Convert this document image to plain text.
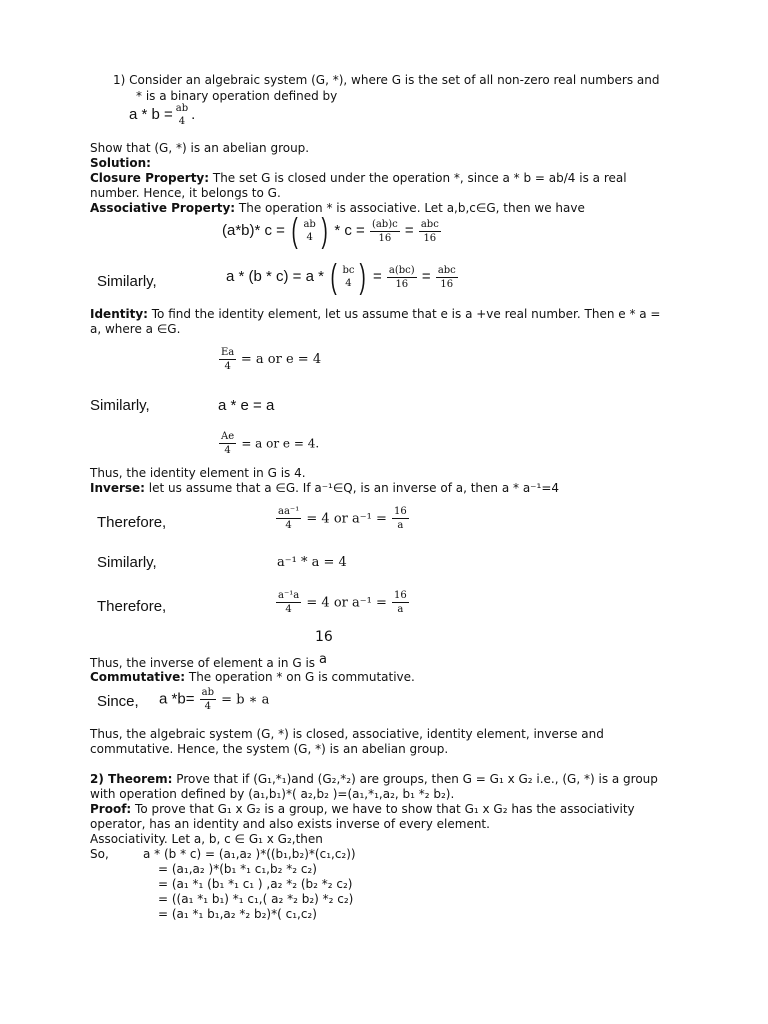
1) Consider an algebraic system (G, *), where G is the set of all non-zero real numbers and
* is a binary operation defined by
a * b = ab
4 .
Show that (G, *) is an abelian group.
Solution:
Closure Property: The set G is closed under the operation *, since a * b = ab/4 is a real
number. Hence, it belongs to G.
Associative Property: The operation * is associative. Let a,b,c∈G, then we have
(a*b)* c = ( ab
4 ) * $c = \frac{(ab)c}{16} = \frac{\text{abc}}{16}$
Similarly,	a * (b * c) = a * ( bc
4 ) = $\frac{a(bc)}{16} = \frac{\text{abc}}{16}$
Identity: To find the identity element, let us assume that e is a +ve real number. Then e * a =
a, where a ∈G.
$\frac{Ea}{4} = a$ or e = 4
Similarly,	a * e = a
$\frac{Ae}{4} = a$ or e = 4.
Thus, the identity element in G is 4.
Inverse: let us assume that a ∈G. If a⁻¹∈Q, is an inverse of a, then a * a⁻¹=4
Therefore,	$\frac{\text{aa⁻¹}}{4} = 4$ or $a^{-1} = \frac{16}{a}$
Similarly,	a⁻¹ * a = 4
Therefore,	$\frac{\text{a⁻¹a}}{4} = 4$ or $a^{-1} = \frac{16}{a}$
16
Thus, the inverse of element a in G is a
Commutative: The operation * on G is commutative.
Since, a $*b= \frac{ab}{4} = b$ ∗ a
Thus, the algebraic system (G, *) is closed, associative, identity element, inverse and
commutative. Hence, the system (G, *) is an abelian group.
2) Theorem: Prove that if (G₁,*₁)and (G₂,*₂) are groups, then G = G₁ x G₂ i.e., (G, *) is a group
with operation defined by (a₁,b₁)*( a₂,b₂ )=(a₁,*₁,a₂, b₁ *₂ b₂).
Proof: To prove that G₁ x G₂ is a group, we have to show that G₁ x G₂ has the associativity
operator, has an identity and also exists inverse of every element.
Associativity. Let a, b, c ∈ G₁ x G₂,then
So,	a * (b * c) = (a₁,a₂ )*((b₁,b₂)*(c₁,c₂))
= (a₁,a₂ )*(b₁ *₁ c₁,b₂ *₂ c₂)
= (a₁ *₁ (b₁ *₁ c₁ ) ,a₂ *₂ (b₂ *₂ c₂)
= ((a₁ *₁ b₁) *₁ c₁,( a₂ *₂ b₂) *₂ c₂)
= (a₁ *₁ b₁,a₂ *₂ b₂)*( c₁,c₂)
